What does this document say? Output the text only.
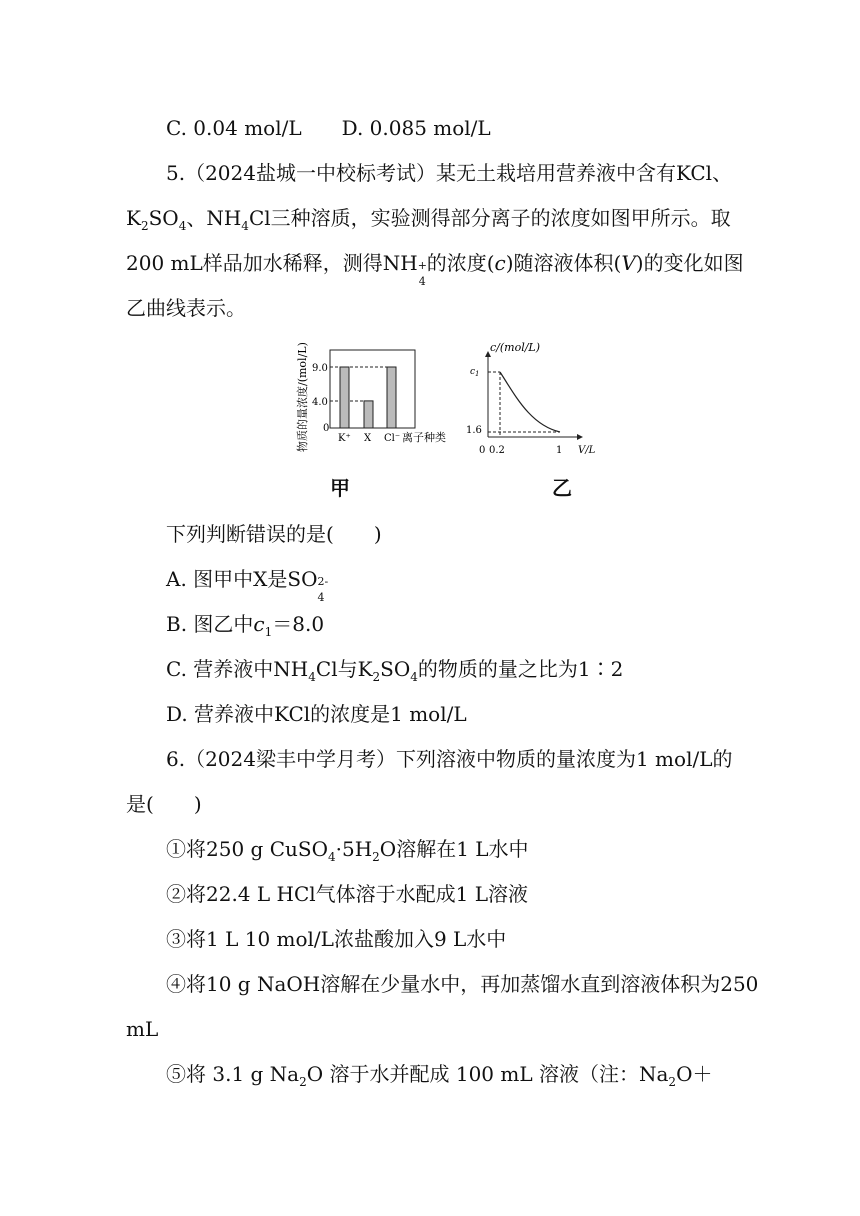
C. 0.04 mol/L D. 0.085 mol/L
5.（2024盐城一中校标考试）某无土栽培用营养液中含有KCl、
$K_2SO_4$、$NH_4Cl$三种溶质，实验测得部分离子的浓度如图甲所示。取
200 mL样品加水稀释，测得NH +
4
的浓度(c)随溶液体积(V)的变化如图
乙曲线表示。
物质的量浓度/(mol/L) 9.0
4.0
0
K⁺ X Cl⁻ 离子种类
c/(mol/L)
V/L
$c_1$
1.6
0 0.2	1
甲	乙
下列判断错误的是( )
A. 图甲中X是SO 2-
4
B. 图乙中$c_1=8.0$
C. 营养液中$NH_4Cl$与$K_2SO_4$的物质的量之比为1∶2
D. 营养液中KCl的浓度是1 mol/L
6.（2024梁丰中学月考）下列溶液中物质的量浓度为1 mol/L的
是( )
①将250 g $CuSO_4\cdot 5H_2O$溶解在1 L水中
②将22.4 L HCl气体溶于水配成1 L溶液
③将1 L 10 mol/L浓盐酸加入9 L水中
④将10 g NaOH溶解在少量水中，再加蒸馏水直到溶液体积为250
mL
⑤将 3.1 g $Na_2O$ 溶于水并配成 100 mL 溶液（注：$Na_2O+$
